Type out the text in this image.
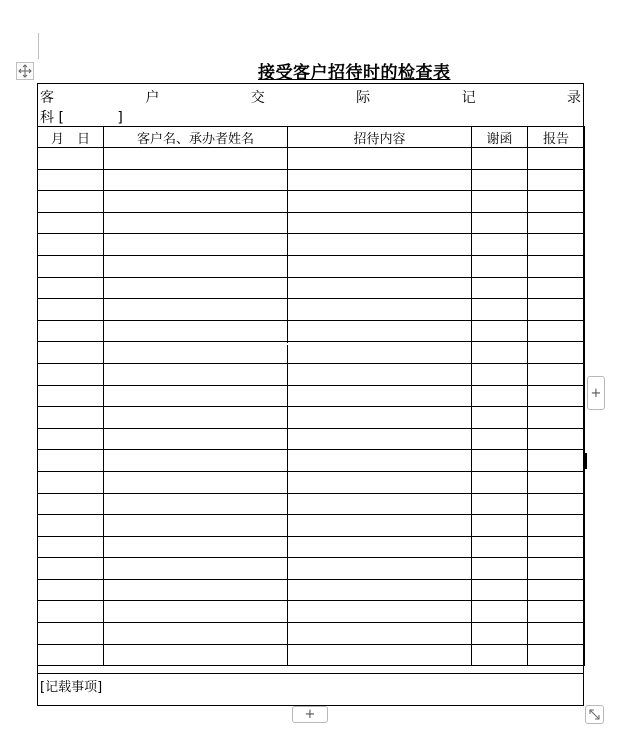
接受客户招待时的检查表
客	户	交	际	记	录
科 [            ]
月　日	客户名、承办者姓名	招待内容	谢函	报告

[记载事项]
+
+
